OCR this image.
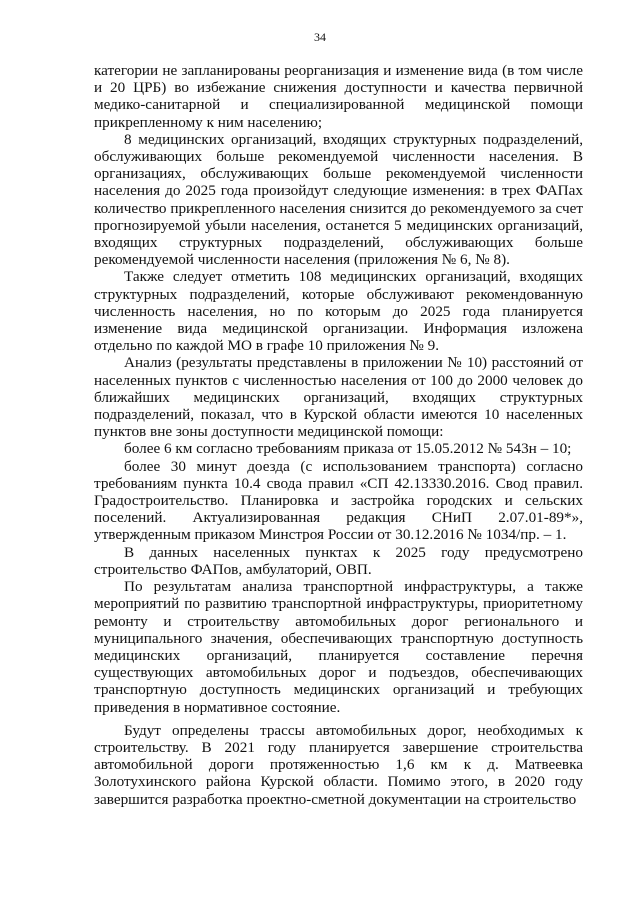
34

категории не запланированы реорганизация и изменение вида (в том числе и 20 ЦРБ) во избежание снижения доступности и качества первичной медико-санитарной и специализированной медицинской помощи прикрепленному к ним населению;

8 медицинских организаций, входящих структурных подразделений, обслуживающих больше рекомендуемой численности населения. В организациях, обслуживающих больше рекомендуемой численности населения до 2025 года произойдут следующие изменения: в трех ФАПах количество прикрепленного населения снизится до рекомендуемого за счет прогнозируемой убыли населения, останется 5 медицинских организаций, входящих структурных подразделений, обслуживающих больше рекомендуемой численности населения (приложения № 6, № 8).

Также следует отметить 108 медицинских организаций, входящих структурных подразделений, которые обслуживают рекомендованную численность населения, но по которым до 2025 года планируется изменение вида медицинской организации. Информация изложена отдельно по каждой МО в графе 10 приложения № 9.

Анализ (результаты представлены в приложении № 10) расстояний от населенных пунктов с численностью населения от 100 до 2000 человек до ближайших медицинских организаций, входящих структурных подразделений, показал, что в Курской области имеются 10 населенных пунктов вне зоны доступности медицинской помощи:

более 6 км согласно требованиям приказа от 15.05.2012 № 543н – 10;

более 30 минут доезда (с использованием транспорта) согласно требованиям пункта 10.4 свода правил «СП 42.13330.2016. Свод правил. Градостроительство. Планировка и застройка городских и сельских поселений. Актуализированная редакция СНиП 2.07.01-89*», утвержденным приказом Минстроя России от 30.12.2016 № 1034/пр. – 1.

В данных населенных пунктах к 2025 году предусмотрено строительство ФАПов, амбулаторий, ОВП.

По результатам анализа транспортной инфраструктуры, а также мероприятий по развитию транспортной инфраструктуры, приоритетному ремонту и строительству автомобильных дорог регионального и муниципального значения, обеспечивающих транспортную доступность медицинских организаций, планируется составление перечня существующих автомобильных дорог и подъездов, обеспечивающих транспортную доступность медицинских организаций и требующих приведения в нормативное состояние.

Будут определены трассы автомобильных дорог, необходимых к строительству. В 2021 году планируется завершение строительства автомобильной дороги протяженностью 1,6 км к д. Матвеевка Золотухинского района Курской области. Помимо этого, в 2020 году завершится разработка проектно-сметной документации на строительство
